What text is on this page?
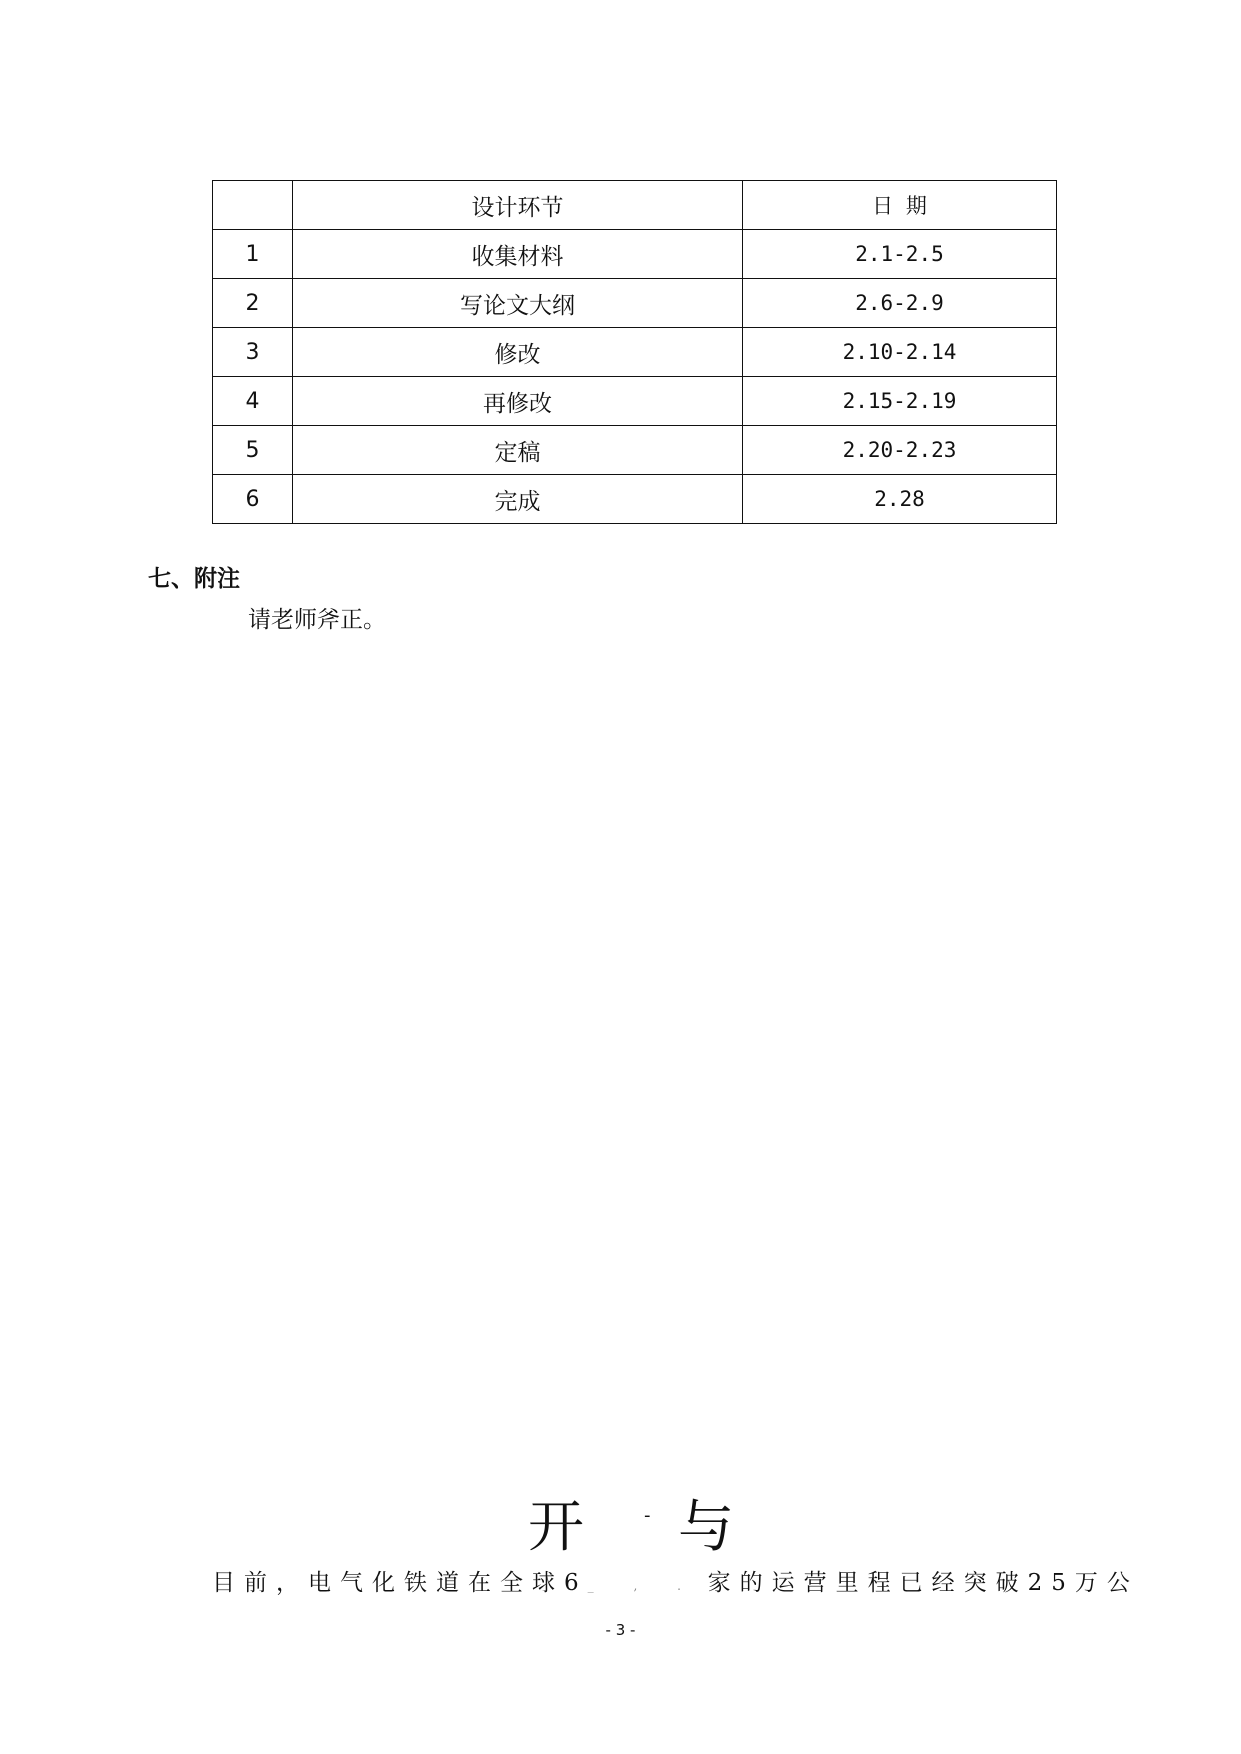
	设计环节	日 期
1	收集材料	2.1-2.5
2	写论文大纲	2.6-2.9
3	修改	2.10-2.14
4	再修改	2.15-2.19
5	定稿	2.20-2.23
6	完成	2.28
七、附注
请老师斧正。
开	- 与
目前，电气化铁道在全球6_ , . 家的运营里程已经突破25万公
- 3 -
